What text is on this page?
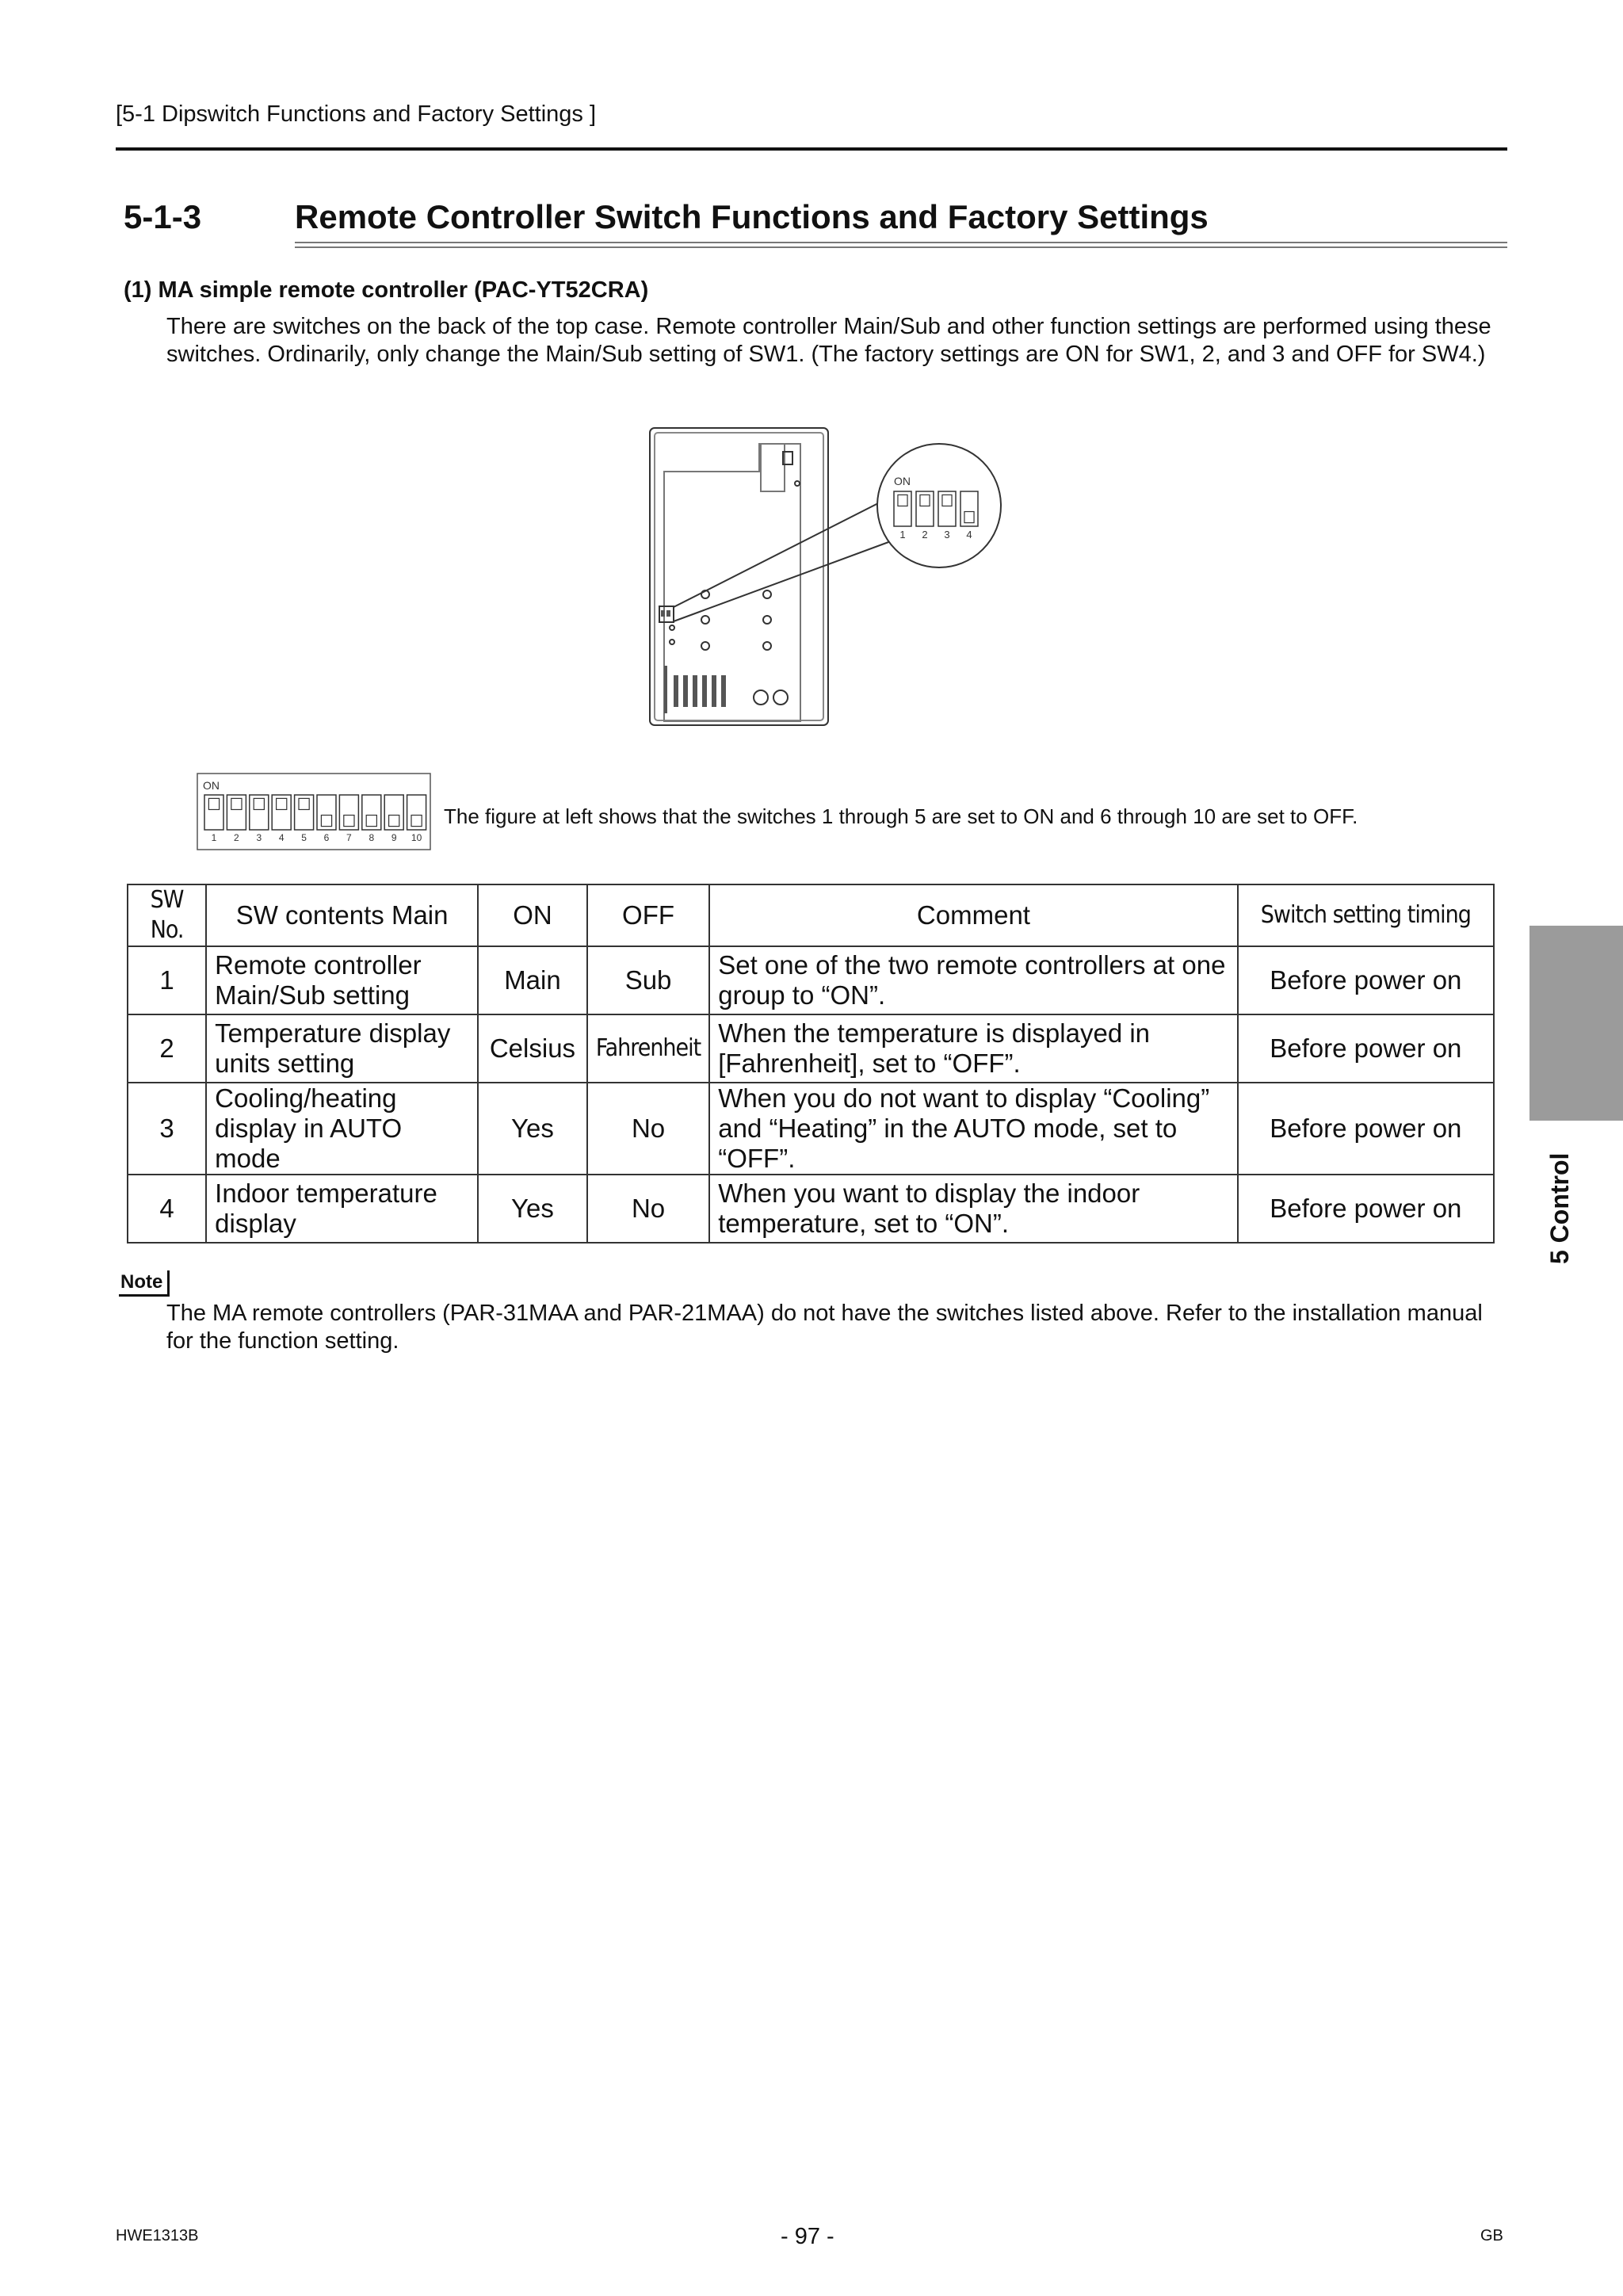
[5-1 Dipswitch Functions and Factory Settings ]
5-1-3	Remote Controller Switch Functions and Factory Settings
(1) MA simple remote controller (PAC-YT52CRA)
There are switches on the back of the top case. Remote controller Main/Sub and other function settings are performed using these switches. Ordinarily, only change the Main/Sub setting of SW1. (The factory settings are ON for SW1, 2, and 3 and OFF for SW4.)
ON
1 2 3 4
ON
1 2 3 4 5 6 7 8 9 10
The figure at left shows that the switches 1 through 5 are set to ON and 6 through 10 are set to OFF.
SW No.	SW contents Main	ON	OFF	Comment	Switch setting timing
1	Remote controller Main/Sub setting	Main	Sub	Set one of the two remote controllers at one group to “ON”.	Before power on
2	Temperature display units setting	Celsius	Fahrenheit	When the temperature is displayed in [Fahrenheit], set to “OFF”.	Before power on
3	Cooling/heating display in AUTO mode	Yes	No	When you do not want to display “Cooling” and “Heating” in the AUTO mode, set to “OFF”.	Before power on
4	Indoor temperature display	Yes	No	When you want to display the indoor temperature, set to “ON”.	Before power on	5 Control
Note
The MA remote controllers (PAR-31MAA and PAR-21MAA) do not have the switches listed above. Refer to the installation manual for the function setting.
HWE1313B	- 97 -	GB
